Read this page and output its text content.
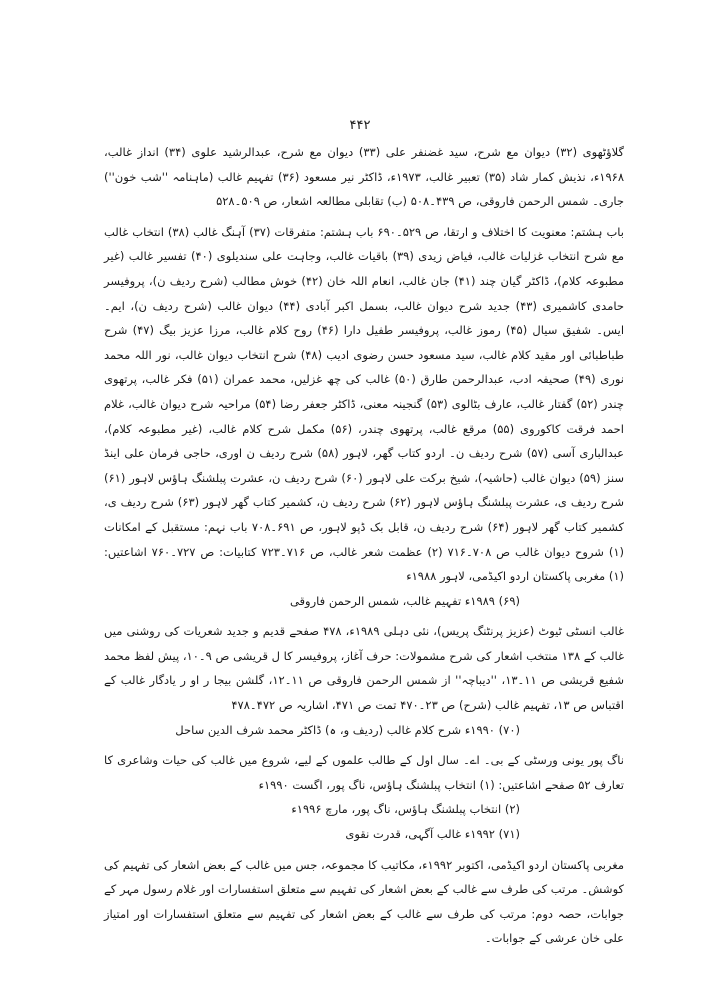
۴۴۲

گلاؤٹھوی (۳۲) دیوان مع شرح، سید غضنفر علی (۳۳) دیوان مع شرح، عبدالرشید علوی (۳۴) انداز غالب، ۱۹۶۸ء، نذیش کمار شاد (۳۵) تعبیر غالب، ۱۹۷۳ء، ڈاکٹر نیر مسعود (۳۶) تفہیم غالب (ماہنامہ ''شب خون'') جاری۔ شمس الرحمن فاروقی، ص ۴۳۹۔۵۰۸ (ب) تقابلی مطالعہ اشعار، ص ۵۰۹۔۵۲۸

باب ہشتم: معنویت کا اختلاف و ارتقا، ص ۵۲۹۔۶۹۰ باب ہشتم: متفرقات (۳۷) آہنگ غالب (۳۸) انتخاب غالب مع شرح انتخاب غزلیات غالب، فیاض زیدی (۳۹) باقیات غالب، وجاہت علی سندیلوی (۴۰) تفسیر غالب (غیر مطبوعہ کلام)، ڈاکٹر گیان چند (۴۱) جان غالب، انعام اللہ خان (۴۲) خوش مطالب (شرح ردیف ن)، پروفیسر حامدی کاشمیری (۴۳) جدید شرح دیوان غالب، بسمل اکبر آبادی (۴۴) دیوان غالب (شرح ردیف ن)، ایم۔ ایس۔ شفیق سیال (۴۵) رموز غالب، پروفیسر طفیل دارا (۴۶) روح کلام غالب، مرزا عزیز بیگ (۴۷) شرح طباطبائی اور مقید کلام غالب، سید مسعود حسن رضوی ادیب (۴۸) شرح انتخاب دیوان غالب، نور اللہ محمد نوری (۴۹) صحیفہ ادب، عبدالرحمن طارق (۵۰) غالب کی چھ غزلیں، محمد عمران (۵۱) فکر غالب، پرتھوی چندر (۵۲) گفتار غالب، عارف بٹالوی (۵۳) گنجینہ معنی، ڈاکٹر جعفر رضا (۵۴) مراحیہ شرح دیوان غالب، غلام احمد فرقت کاکوروی (۵۵) مرقع غالب، پرتھوی چندر، (۵۶) مکمل شرح کلام غالب، (غیر مطبوعہ کلام)، عبدالباری آسی (۵۷) شرح ردیف ن۔ اردو کتاب گھر، لاہور (۵۸) شرح ردیف ن اوری، حاجی فرمان علی اینڈ سنز (۵۹) دیوان غالب (حاشیہ)، شیخ برکت علی لاہور (۶۰) شرح ردیف ن، عشرت پبلشنگ ہاؤس لاہور (۶۱) شرح ردیف ی، عشرت پبلشنگ ہاؤس لاہور (۶۲) شرح ردیف ن، کشمیر کتاب گھر لاہور (۶۳) شرح ردیف ی، کشمیر کتاب گھر لاہور (۶۴) شرح ردیف ن، قابل بک ڈپو لاہور، ص ۶۹۱۔۷۰۸ باب نہم: مستقبل کے امکانات (۱) شروح دیوان غالب ص ۷۰۸۔۷۱۶ (۲) عظمت شعر غالب، ص ۷۱۶۔۷۲۳ کتابیات: ص ۷۲۷۔۷۶۰ اشاعتیں: (۱) مغربی پاکستان اردو اکیڈمی، لاہور ۱۹۸۸ء

(۶۹) ۱۹۸۹ء تفہیم غالب، شمس الرحمن فاروقی

غالب انسٹی ٹیوٹ (عزیز پرنٹنگ پریس)، نئی دہلی ۱۹۸۹ء، ۴۷۸ صفحے قدیم و جدید شعریات کی روشنی میں غالب کے ۱۳۸ منتخب اشعار کی شرح مشمولات: حرف آغاز، پروفیسر کا ل قریشی ص ۹۔۱۰، پیش لفظ محمد شفیع قریشی ص ۱۱۔۱۳، ''دیباچہ'' از شمس الرحمن فاروقی ص ۱۱۔۱۲، گلشن بیجا ر او ر یادگار غالب کے اقتباس ص ۱۳، تفہیم غالب (شرح) ص ۲۳۔۴۷۰ تمت ص ۴۷۱، اشاریہ ص ۴۷۲۔۴۷۸

(۷۰) ۱۹۹۰ء شرح کلام غالب (ردیف و، ہ) ڈاکٹر محمد شرف الدین ساحل

ناگ پور یونی ورسٹی کے بی۔ اے۔ سال اول کے طالب علموں کے لیے، شروع میں غالب کی حیات وشاعری کا تعارف ۵۲ صفحے اشاعتیں: (۱) انتخاب پبلشنگ ہاؤس، ناگ پور، اگست ۱۹۹۰ء

(۲) انتخاب پبلشنگ ہاؤس، ناگ پور، مارچ ۱۹۹۶ء

(۷۱) ۱۹۹۲ء غالب آگہی، قدرت نقوی

مغربی پاکستان اردو اکیڈمی، اکتوبر ۱۹۹۲ء، مکاتیب کا مجموعہ، جس میں غالب کے بعض اشعار کی تفہیم کی کوشش۔ مرتب کی طرف سے غالب کے بعض اشعار کی تفہیم سے متعلق استفسارات اور غلام رسول مہر کے جوابات، حصہ دوم: مرتب کی طرف سے غالب کے بعض اشعار کی تفہیم سے متعلق استفسارات اور امتیاز علی خان عرشی کے جوابات۔
